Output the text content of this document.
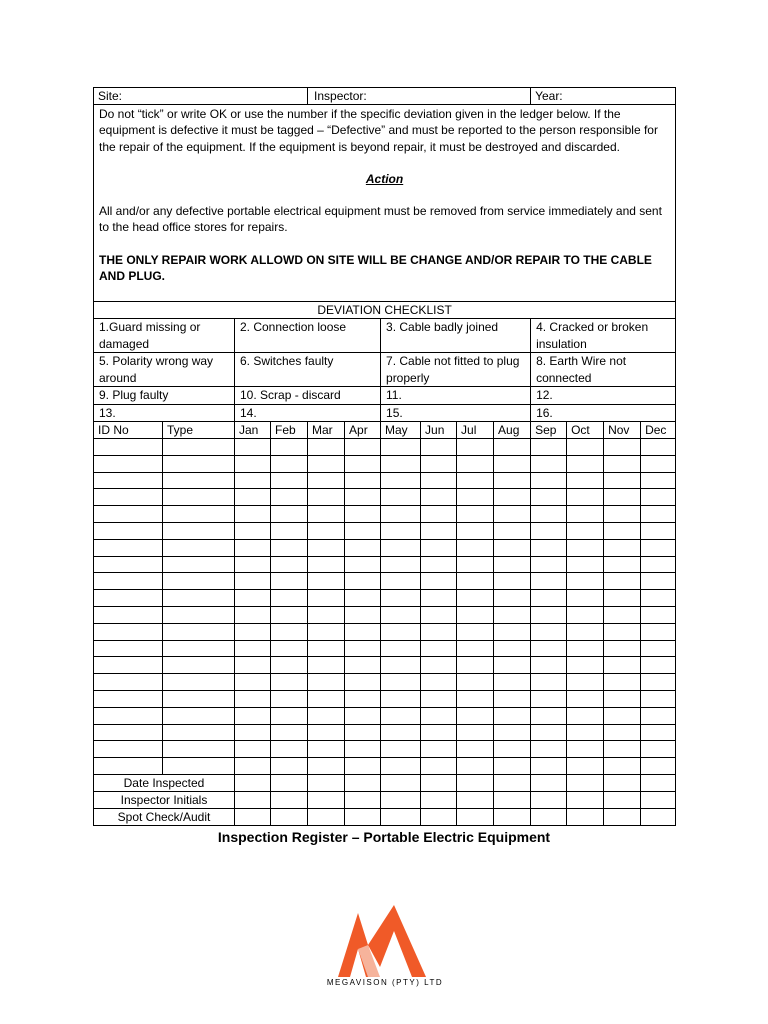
Site:				Inspector:						Year:			

Do not “tick” or write OK or use the number if the specific deviation given in the ledger below. If the equipment is defective it must be tagged – “Defective” and must be reported to the person responsible for the repair of the equipment. If the equipment is beyond repair, it must be destroyed and discarded.

Action

All and/or any defective portable electrical equipment must be removed from service immediately and sent to the head office stores for repairs.

THE ONLY REPAIR WORK ALLOWD ON SITE WILL BE CHANGE AND/OR REPAIR TO THE CABLE AND PLUG.													

DEVIATION CHECKLIST													
1.Guard missing or damaged		2. Connection loose				3. Cable badly joined				4. Cracked or broken insulation			
5. Polarity wrong way around		6. Switches faulty				7. Cable not fitted to plug properly				8. Earth Wire not connected			
9. Plug faulty		10. Scrap - discard				11.				12.			
13.		14.				15.				16.			
ID No	Type	Jan	Feb	Mar	Apr	May	Jun	Jul	Aug	Sep	Oct	Nov	Dec

Date Inspected													
Inspector Initials													
Spot Check/Audit													
Inspection Register – Portable Electric Equipment
MEGAVISON (PTY) LTD
